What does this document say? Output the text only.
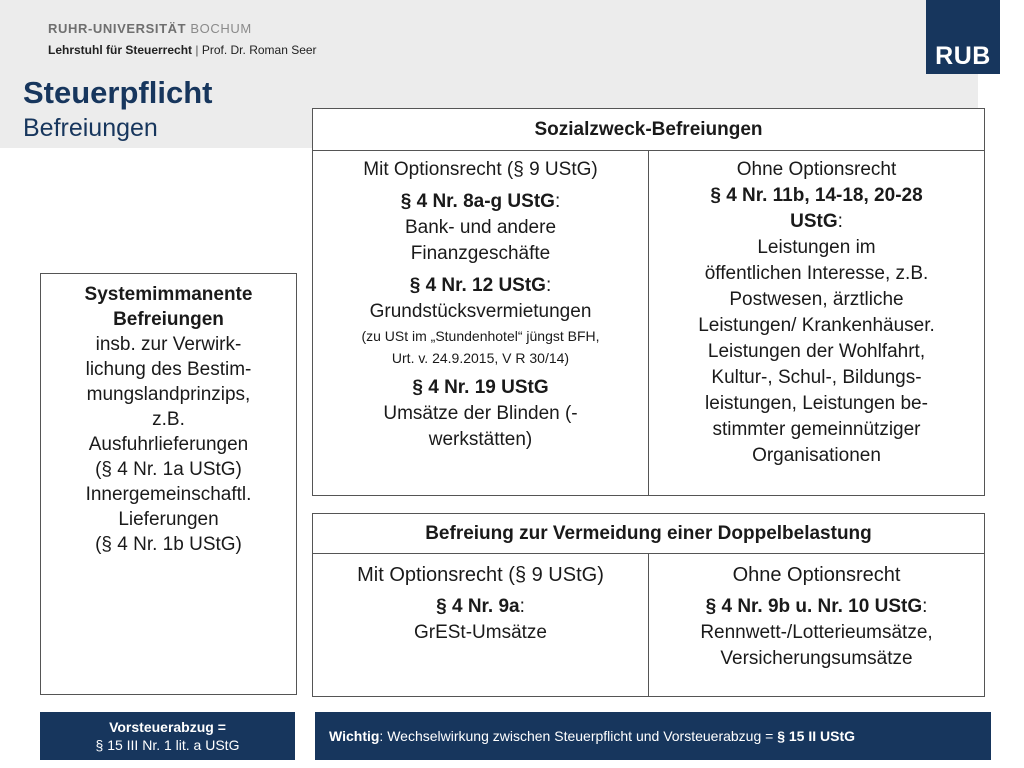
RUHR-UNIVERSITÄT BOCHUM
Lehrstuhl für Steuerrecht | Prof. Dr. Roman Seer	RUB
Steuerpflicht
Befreiungen
Systemimmanente
Befreiungen
insb. zur Verwirk-
lichung des Bestim-
mungslandprinzips,
z.B.
Ausfuhrlieferungen
(§ 4 Nr. 1a UStG)
Innergemeinschaftl.
Lieferungen
(§ 4 Nr. 1b UStG)
Sozialzweck-Befreiungen
Mit Optionsrecht (§ 9 UStG)
§ 4 Nr. 8a-g UStG:
Bank- und andere
Finanzgeschäfte
§ 4 Nr. 12 UStG:
Grundstücksvermietungen
(zu USt im „Stundenhotel“ jüngst BFH,
Urt. v. 24.9.2015, V R 30/14)
§ 4 Nr. 19 UStG
Umsätze der Blinden (-
werkstätten)
Ohne Optionsrecht
§ 4 Nr. 11b, 14-18, 20-28
UStG:
Leistungen im
öffentlichen Interesse, z.B.
Postwesen, ärztliche
Leistungen/ Krankenhäuser.
Leistungen der Wohlfahrt,
Kultur-, Schul-, Bildungs-
leistungen, Leistungen be-
stimmter gemeinnütziger
Organisationen
Befreiung zur Vermeidung einer Doppelbelastung
Mit Optionsrecht (§ 9 UStG)
§ 4 Nr. 9a:
GrESt-Umsätze
Ohne Optionsrecht
§ 4 Nr. 9b u. Nr. 10 UStG:
Rennwett-/Lotterieumsätze,
Versicherungsumsätze
Vorsteuerabzug =
§ 15 III Nr. 1 lit. a UStG
Wichtig : Wechselwirkung zwischen Steuerpflicht und Vorsteuerabzug = § 15 II UStG
